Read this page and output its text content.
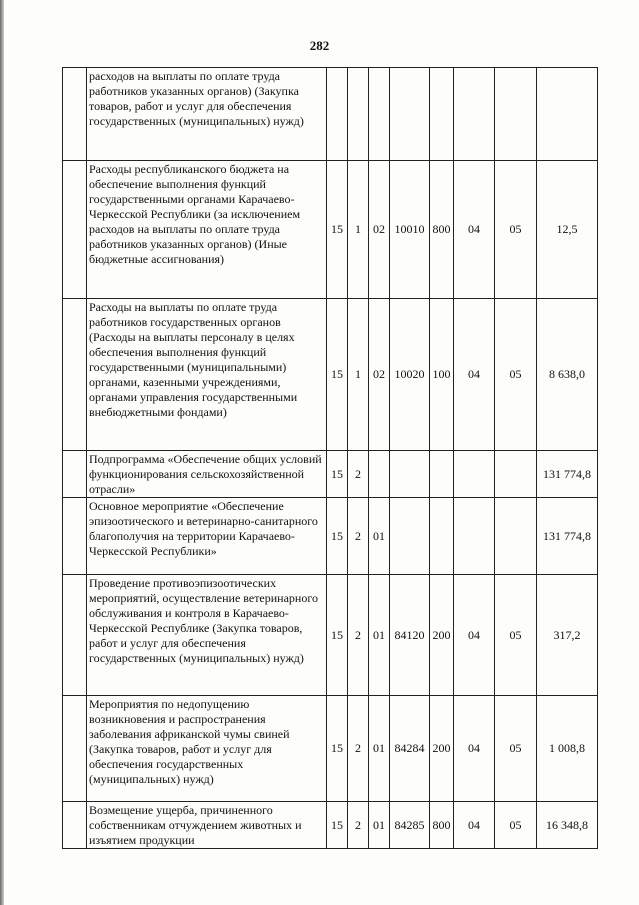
282
	расходов на выплаты по оплате труда работников указанных органов) (Закупка товаров, работ и услуг для обеспечения государственных (муниципальных) нужд)								
	Расходы республиканского бюджета на обеспечение выполнения функций государственными органами Карачаево-Черкесской Республики (за исключением расходов на выплаты по оплате труда работников указанных органов) (Иные бюджетные ассигнования)	15	1	02	10010	800	04	05	12,5
	Расходы на выплаты по оплате труда работников государственных органов (Расходы на выплаты персоналу в целях обеспечения выполнения функций государственными (муниципальными) органами, казенными учреждениями, органами управления государственными внебюджетными фондами)	15	1	02	10020	100	04	05	8 638,0
	Подпрограмма «Обеспечение общих условий функционирования сельскохозяйственной отрасли»	15	2						131 774,8
	Основное мероприятие «Обеспечение эпизоотического и ветеринарно-санитарного благополучия на территории Карачаево-Черкесской Республики»	15	2	01					131 774,8
	Проведение противоэпизоотических мероприятий, осуществление ветеринарного обслуживания и контроля в Карачаево-Черкесской Республике (Закупка товаров, работ и услуг для обеспечения государственных (муниципальных) нужд)	15	2	01	84120	200	04	05	317,2
	Мероприятия по недопущению возникновения и распространения заболевания африканской чумы свиней (Закупка товаров, работ и услуг для обеспечения государственных (муниципальных) нужд)	15	2	01	84284	200	04	05	1 008,8
	Возмещение ущерба, причиненного собственникам отчуждением животных и изъятием продукции	15	2	01	84285	800	04	05	16 348,8
